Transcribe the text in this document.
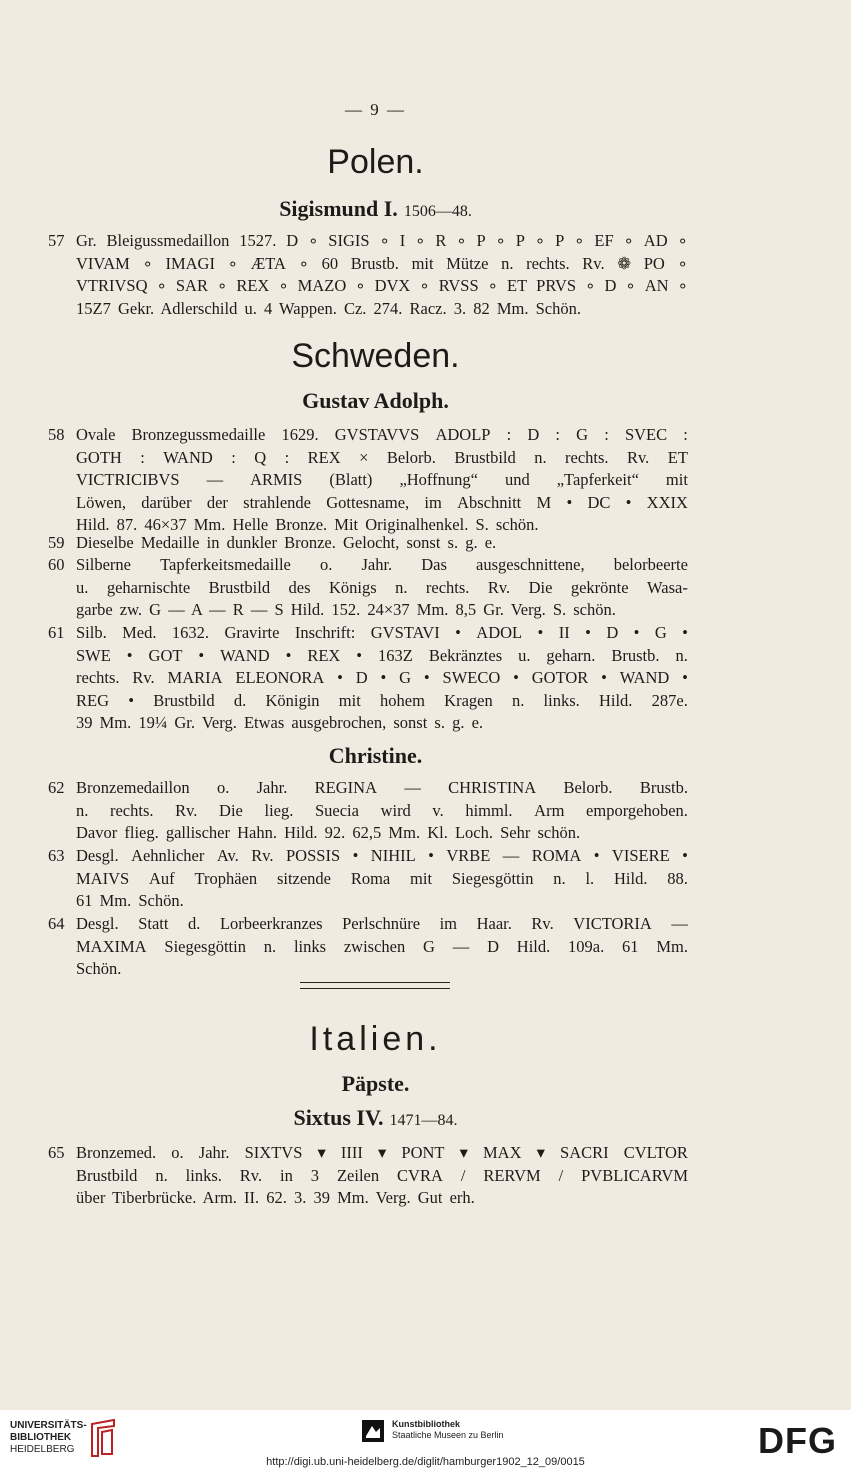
— 9 —
Polen.
Sigismund I. 1506—48.
57 Gr. Bleigussmedaillon 1527. D ∘ SIGIS ∘ I ∘ R ∘ P ∘ P ∘ P ∘ EF ∘ AD ∘
VIVAM ∘ IMAGI ∘ ÆTA ∘ 60 Brustb. mit Mütze n. rechts. Rv. ❁ PO ∘
VTRIVSQ ∘ SAR ∘ REX ∘ MAZO ∘ DVX ∘ RVSS ∘ ET PRVS ∘ D ∘ AN ∘
15Z7 Gekr. Adlerschild u. 4 Wappen. Cz. 274. Racz. 3. 82 Mm. Schön.
Schweden.
Gustav Adolph.
58 Ovale Bronzegussmedaille 1629. GVSTAVVS ADOLP : D : G : SVEC :
GOTH : WAND : Q : REX × Belorb. Brustbild n. rechts. Rv. ET
VICTRICIBVS — ARMIS (Blatt) „Hoffnung“ und „Tapferkeit“ mit
Löwen, darüber der strahlende Gottesname, im Abschnitt M • DC • XXIX
Hild. 87. 46×37 Mm. Helle Bronze. Mit Originalhenkel. S. schön.
59 Dieselbe Medaille in dunkler Bronze. Gelocht, sonst s. g. e.
60 Silberne Tapferkeitsmedaille o. Jahr. Das ausgeschnittene, belorbeerte
u. geharnischte Brustbild des Königs n. rechts. Rv. Die gekrönte Wasa-
garbe zw. G — A — R — S Hild. 152. 24×37 Mm. 8,5 Gr. Verg. S. schön.
61 Silb. Med. 1632. Gravirte Inschrift: GVSTAVI • ADOL • II • D • G •
SWE • GOT • WAND • REX • 163Z Bekränztes u. geharn. Brustb. n.
rechts. Rv. MARIA ELEONORA • D • G • SWECO • GOTOR • WAND •
REG • Brustbild d. Königin mit hohem Kragen n. links. Hild. 287e.
39 Mm. 19¼ Gr. Verg. Etwas ausgebrochen, sonst s. g. e.
Christine.
62 Bronzemedaillon o. Jahr. REGINA — CHRISTINA Belorb. Brustb.
n. rechts. Rv. Die lieg. Suecia wird v. himml. Arm emporgehoben.
Davor flieg. gallischer Hahn. Hild. 92. 62,5 Mm. Kl. Loch. Sehr schön.
63 Desgl. Aehnlicher Av. Rv. POSSIS • NIHIL • VRBE — ROMA • VISERE •
MAIVS Auf Trophäen sitzende Roma mit Siegesgöttin n. l. Hild. 88.
61 Mm. Schön.
64 Desgl. Statt d. Lorbeerkranzes Perlschnüre im Haar. Rv. VICTORIA —
MAXIMA Siegesgöttin n. links zwischen G — D Hild. 109a. 61 Mm.
Schön.
Italien.
Päpste.
Sixtus IV. 1471—84.
65 Bronzemed. o. Jahr. SIXTVS ▾ IIII ▾ PONT ▾ MAX ▾ SACRI CVLTOR
Brustbild n. links. Rv. in 3 Zeilen CVRA / RERVM / PVBLICARVM
über Tiberbrücke. Arm. II. 62. 3. 39 Mm. Verg. Gut erh.
UNIVERSITÄTS-
BIBLIOTHEK
HEIDELBERG
Kunstbibliothek
Staatliche Museen zu Berlin	DFG
http://digi.ub.uni-heidelberg.de/diglit/hamburger1902_12_09/0015
